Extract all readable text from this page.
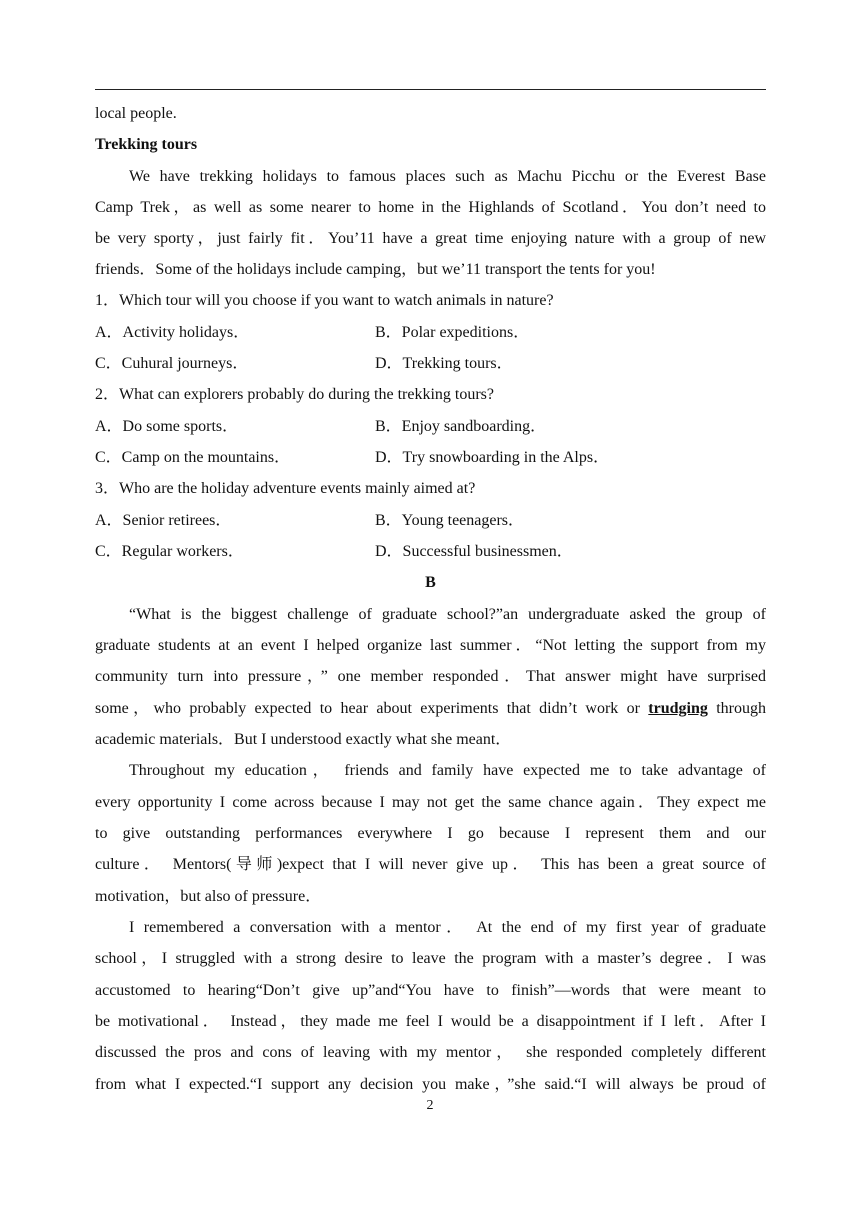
local people.
Trekking tours
We have trekking holidays to famous places such as Machu Picchu or the Everest Base
Camp Trek，as well as some nearer to home in the Highlands of Scotland．You don’t need to
be very sporty，just fairly fit．You’11 have a great time enjoying nature with a group of new
friends．Some of the holidays include camping，but we’11 transport the tents for you!
1．Which tour will you choose if you want to watch animals in nature?
A．Activity holidays．	B．Polar expeditions．
C．Cuhural journeys．	D．Trekking tours．
2．What can explorers probably do during the trekking tours?
A．Do some sports．	B．Enjoy sandboarding．
C．Camp on the mountains．	D．Try snowboarding in the Alps．
3．Who are the holiday adventure events mainly aimed at?
A．Senior retirees．	B．Young teenagers．
C．Regular workers．	D．Successful businessmen．
B
“What is the biggest challenge of graduate school?”an undergraduate asked the group of
graduate students at an event I helped organize last summer．“Not letting the support from my
community turn into pressure，” one member responded．That answer might have surprised
some，who probably expected to hear about experiments that didn’t work or trudging through
academic materials．But I understood exactly what she meant．
Throughout my education， friends and family have expected me to take advantage of
every opportunity I come across because I may not get the same chance again．They expect me
to give outstanding performances everywhere I go because I represent them and our
culture． Mentors(导师)expect that I will never give up． This has been a great source of
motivation，but also of pressure．
I remembered a conversation with a mentor． At the end of my first year of graduate
school，I struggled with a strong desire to leave the program with a master’s degree．I was
accustomed to hearing“Don’t give up”and“You have to finish”—words that were meant to
be motivational． Instead，they made me feel I would be a disappointment if I left．After I
discussed the pros and cons of leaving with my mentor， she responded completely different
from what I expected.“I support any decision you make，”she said.“I will always be proud of
2
